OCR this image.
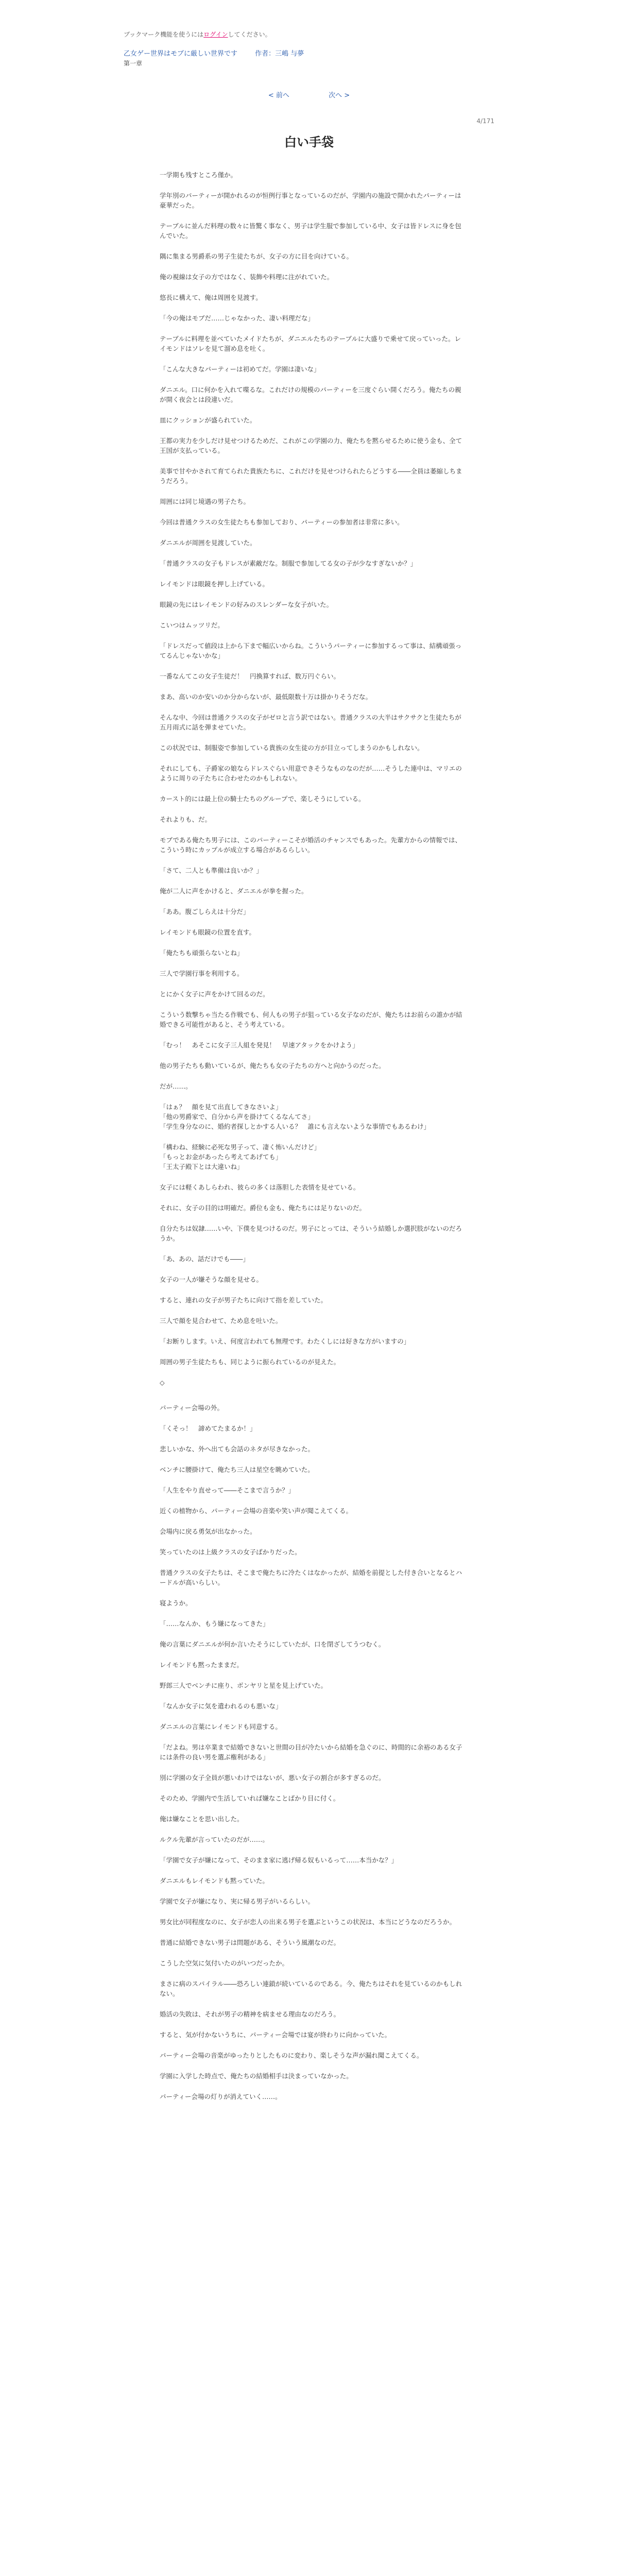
ブックマーク機能を使うにはログインしてください。
乙女ゲー世界はモブに厳しい世界です	作者：三嶋 与夢
第一章
< 前へ	次へ >
4/171
白い手袋

一学期も残すところ僅か。

学年別のパーティーが開かれるのが恒例行事となっているのだが、学園内の施設で開かれたパーティーは豪華だった。

テーブルに並んだ料理の数々に皆驚く事なく、男子は学生服で参加している中、女子は皆ドレスに身を包んでいた。

隅に集まる男爵系の男子生徒たちが、女子の方に目を向けている。

俺の視線は女子の方ではなく、装飾や料理に注がれていた。

悠長に構えて、俺は周囲を見渡す。

「今の俺はモブだ……じゃなかった、凄い料理だな」

テーブルに料理を並べていたメイドたちが、ダニエルたちのテーブルに大盛りで乗せて戻っていった。レイモンドはソレを見て溜め息を吐く。

「こんな大きなパーティーは初めてだ。学園は凄いな」

ダニエル。口に何かを入れて喋るな。これだけの規模のパーティーを三度ぐらい開くだろう。俺たちの親が開く夜会とは段違いだ。

皿にクッションが盛られていた。

王都の実力を少しだけ見せつけるためだ、これがこの学園の力、俺たちを黙らせるために使う金も、全て王国が支払っている。

美事で甘やかされて育てられた貴族たちに、これだけを見せつけられたらどうする――全員は萎縮しちまうだろう。

周囲には同じ境遇の男子たち。

今回は普通クラスの女生徒たちも参加しており、パーティーの参加者は非常に多い。

ダニエルが周囲を見渡していた。

「普通クラスの女子もドレスが素敵だな。制服で参加してる女の子が少なすぎないか？」

レイモンドは眼鏡を押し上げている。

眼鏡の先にはレイモンドの好みのスレンダーな女子がいた。

こいつはムッツリだ。

「ドレスだって値段は上から下まで幅広いからね。こういうパーティーに参加するって事は、結構頑張ってるんじゃないかな」

一番なんてこの女子生徒だ！　円換算すれば、数万円ぐらい。

まあ、高いのか安いのか分からないが、最低限数十万は掛かりそうだな。

そんな中、今回は普通クラスの女子がゼロと言う訳ではない。普通クラスの大半はサクサクと生徒たちが五月雨式に話を弾ませていた。

この状況では、制服姿で参加している貴族の女生徒の方が目立ってしまうのかもしれない。

それにしても、子爵家の娘ならドレスぐらい用意できそうなものなのだが……そうした連中は、マリエのように周りの子たちに合わせたのかもしれない。

カースト的には最上位の騎士たちのグループで、楽しそうにしている。

それよりも、だ。

モブである俺たち男子には、このパーティーこそが婚活のチャンスでもあった。先輩方からの情報では、こういう時にカップルが成立する場合があるらしい。

「さて、二人とも準備は良いか？」

俺が二人に声をかけると、ダニエルが拳を握った。

「ああ。腹ごしらえは十分だ」

レイモンドも眼鏡の位置を直す。

「俺たちも頑張らないとね」

三人で学園行事を利用する。

とにかく女子に声をかけて回るのだ。

こういう数撃ちゃ当たる作戦でも、何人もの男子が狙っている女子なのだが、俺たちはお前らの誰かが結婚できる可能性があると、そう考えている。

「むっ！　あそこに女子三人組を発見！　早速アタックをかけよう」

他の男子たちも動いているが、俺たちも女の子たちの方へと向かうのだった。

だが……。

「はぁ？　顔を見て出直してきなさいよ」
「他の男爵家で、自分から声を掛けてくるなんてさ」
「学生身分なのに、婚約者探しとかする人いる？　誰にも言えないような事情でもあるわけ」

「構わね、経験に必死な男子って、凄く怖いんだけど」
「もっとお金があったら考えてあげても」
「王太子殿下とは大違いね」

女子には軽くあしらわれ、彼らの多くは落胆した表情を見せている。

それに、女子の目的は明確だ。爵位も金も、俺たちには足りないのだ。

自分たちは奴隷……いや、下僕を見つけるのだ。男子にとっては、そういう結婚しか選択肢がないのだろうか。

「あ、あの、話だけでも――」

女子の一人が嫌そうな顔を見せる。

すると、連れの女子が男子たちに向けて指を差していた。

三人で顔を見合わせて、ため息を吐いた。

「お断りします。いえ、何度言われても無理です。わたくしには好きな方がいますの」

周囲の男子生徒たちも、同じように振られているのが見えた。

◇

パーティー会場の外。

「くそっ！　諦めてたまるか！」

悲しいかな、外へ出ても会話のネタが尽きなかった。

ベンチに腰掛けて、俺たち三人は星空を眺めていた。

「人生をやり直せって――そこまで言うか？」

近くの植物から、パーティー会場の音楽や笑い声が聞こえてくる。

会場内に戻る勇気が出なかった。

笑っていたのは上級クラスの女子ばかりだった。

普通クラスの女子たちは、そこまで俺たちに冷たくはなかったが、結婚を前提とした付き合いとなるとハードルが高いらしい。

寝ようか。

「……なんか、もう嫌になってきた」

俺の言葉にダニエルが何か言いたそうにしていたが、口を閉ざしてうつむく。

レイモンドも黙ったままだ。

野郎三人でベンチに座り、ボンヤリと星を見上げていた。

「なんか女子に気を遣われるのも悪いな」

ダニエルの言葉にレイモンドも同意する。

「だよね。男は卒業まで結婚できないと世間の目が冷たいから結婚を急ぐのに、時間的に余裕のある女子には条件の良い男を選ぶ権利がある」

別に学園の女子全員が悪いわけではないが、悪い女子の割合が多すぎるのだ。

そのため、学園内で生活していれば嫌なことばかり目に付く。

俺は嫌なことを思い出した。

ルクル先輩が言っていたのだが……。

「学園で女子が嫌になって、そのまま家に逃げ帰る奴もいるって……本当かな？」

ダニエルもレイモンドも黙っていた。

学園で女子が嫌になり、実に帰る男子がいるらしい。

男女比が同程度なのに、女子が恋人の出来る男子を選ぶというこの状況は、本当にどうなのだろうか。

普通に結婚できない男子は問題がある、そういう風潮なのだ。

こうした空気に気付いたのがいつだったか。

まさに病のスパイラル――恐ろしい連鎖が続いているのである。今、俺たちはそれを見ているのかもしれない。

婚活の失敗は、それが男子の精神を病ませる理由なのだろう。

すると、気が付かないうちに、パーティー会場では宴が終わりに向かっていた。

パーティー会場の音楽がゆったりとしたものに変わり、楽しそうな声が漏れ聞こえてくる。

学園に入学した時点で、俺たちの結婚相手は決まっていなかった。

パーティー会場の灯りが消えていく……。
